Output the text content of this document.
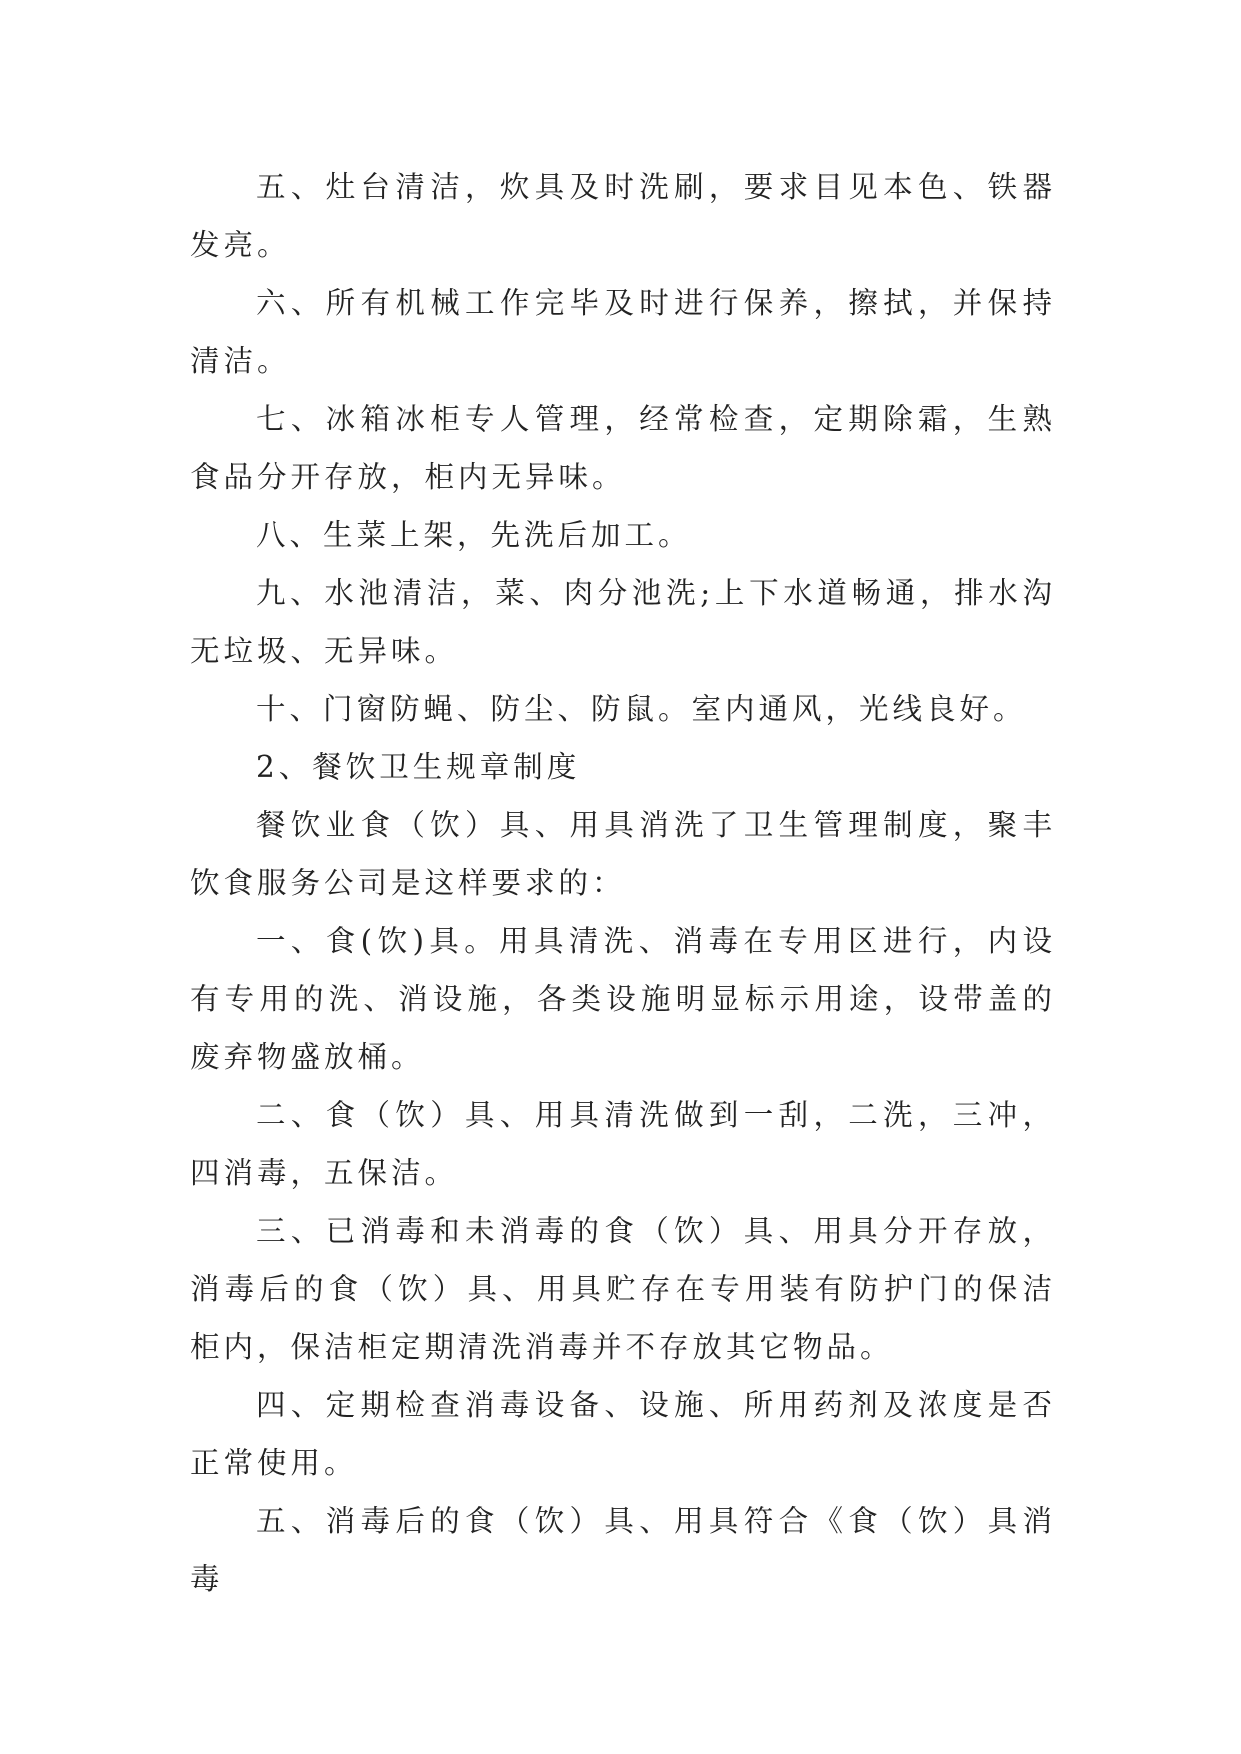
五、灶台清洁，炊具及时洗刷，要求目见本色、铁器发亮。

六、所有机械工作完毕及时进行保养，擦拭，并保持清洁。

七、冰箱冰柜专人管理，经常检查，定期除霜，生熟食品分开存放，柜内无异味。

八、生菜上架，先洗后加工。

九、水池清洁，菜、肉分池洗;上下水道畅通，排水沟无垃圾、无异味。

十、门窗防蝇、防尘、防鼠。室内通风，光线良好。

2、餐饮卫生规章制度

餐饮业食（饮）具、用具消洗了卫生管理制度，聚丰饮食服务公司是这样要求的：

一、食(饮)具。用具清洗、消毒在专用区进行，内设有专用的洗、消设施，各类设施明显标示用途，设带盖的废弃物盛放桶。

二、食（饮）具、用具清洗做到一刮，二洗，三冲，四消毒，五保洁。

三、已消毒和未消毒的食（饮）具、用具分开存放，消毒后的食（饮）具、用具贮存在专用装有防护门的保洁柜内，保洁柜定期清洗消毒并不存放其它物品。

四、定期检查消毒设备、设施、所用药剂及浓度是否正常使用。

五、消毒后的食（饮）具、用具符合《食（饮）具消毒
